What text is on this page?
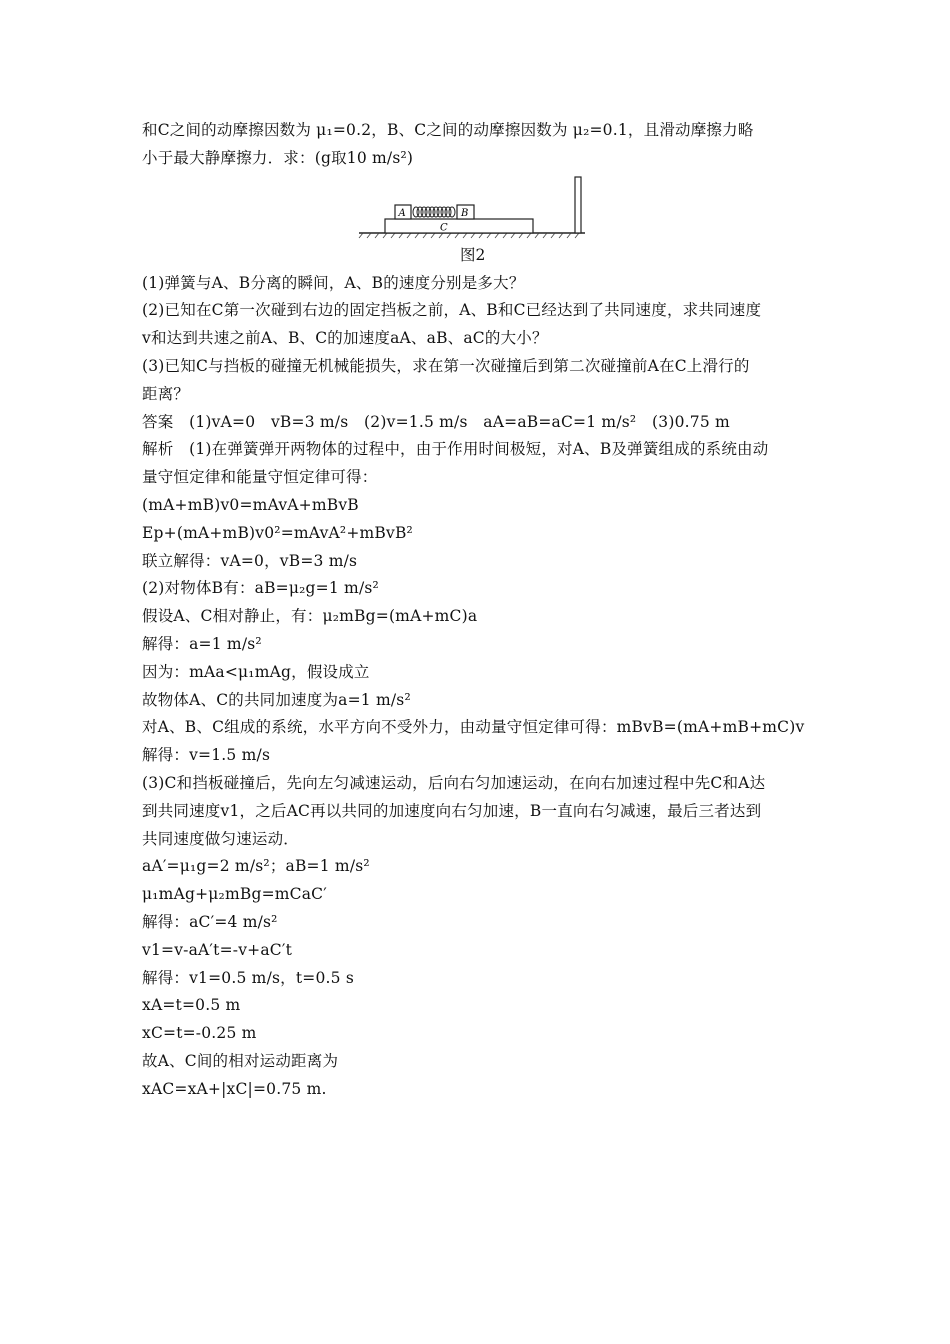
和C之间的动摩擦因数为 μ₁=0.2，B、C之间的动摩擦因数为 μ₂=0.1，且滑动摩擦力略
小于最大静摩擦力．求：(g取10 m/s²)
C
A	B
图2
(1)弹簧与A、B分离的瞬间，A、B的速度分别是多大？
(2)已知在C第一次碰到右边的固定挡板之前，A、B和C已经达到了共同速度，求共同速度
v和达到共速之前A、B、C的加速度aA、aB、aC的大小？
(3)已知C与挡板的碰撞无机械能损失，求在第一次碰撞后到第二次碰撞前A在C上滑行的
距离？
答案　(1)vA=0　vB=3 m/s　(2)v=1.5 m/s　aA=aB=aC=1 m/s²　(3)0.75 m
解析　(1)在弹簧弹开两物体的过程中，由于作用时间极短，对A、B及弹簧组成的系统由动
量守恒定律和能量守恒定律可得：
(mA+mB)v0=mAvA+mBvB
Ep+(mA+mB)v0²=mAvA²+mBvB²
联立解得：vA=0，vB=3 m/s
(2)对物体B有：aB=μ₂g=1 m/s²
假设A、C相对静止，有：μ₂mBg=(mA+mC)a
解得：a=1 m/s²
因为：mAa<μ₁mAg，假设成立
故物体A、C的共同加速度为a=1 m/s²
对A、B、C组成的系统，水平方向不受外力，由动量守恒定律可得：mBvB=(mA+mB+mC)v
解得：v=1.5 m/s
(3)C和挡板碰撞后，先向左匀减速运动，后向右匀加速运动，在向右加速过程中先C和A达
到共同速度v1，之后AC再以共同的加速度向右匀加速，B一直向右匀减速，最后三者达到
共同速度做匀速运动．
aA′=μ₁g=2 m/s²；aB=1 m/s²
μ₁mAg+μ₂mBg=mCaC′
解得：aC′=4 m/s²
v1=v-aA′t=-v+aC′t
解得：v1=0.5 m/s，t=0.5 s
xA=t=0.5 m
xC=t=-0.25 m
故A、C间的相对运动距离为
xAC=xA+|xC|=0.75 m.
